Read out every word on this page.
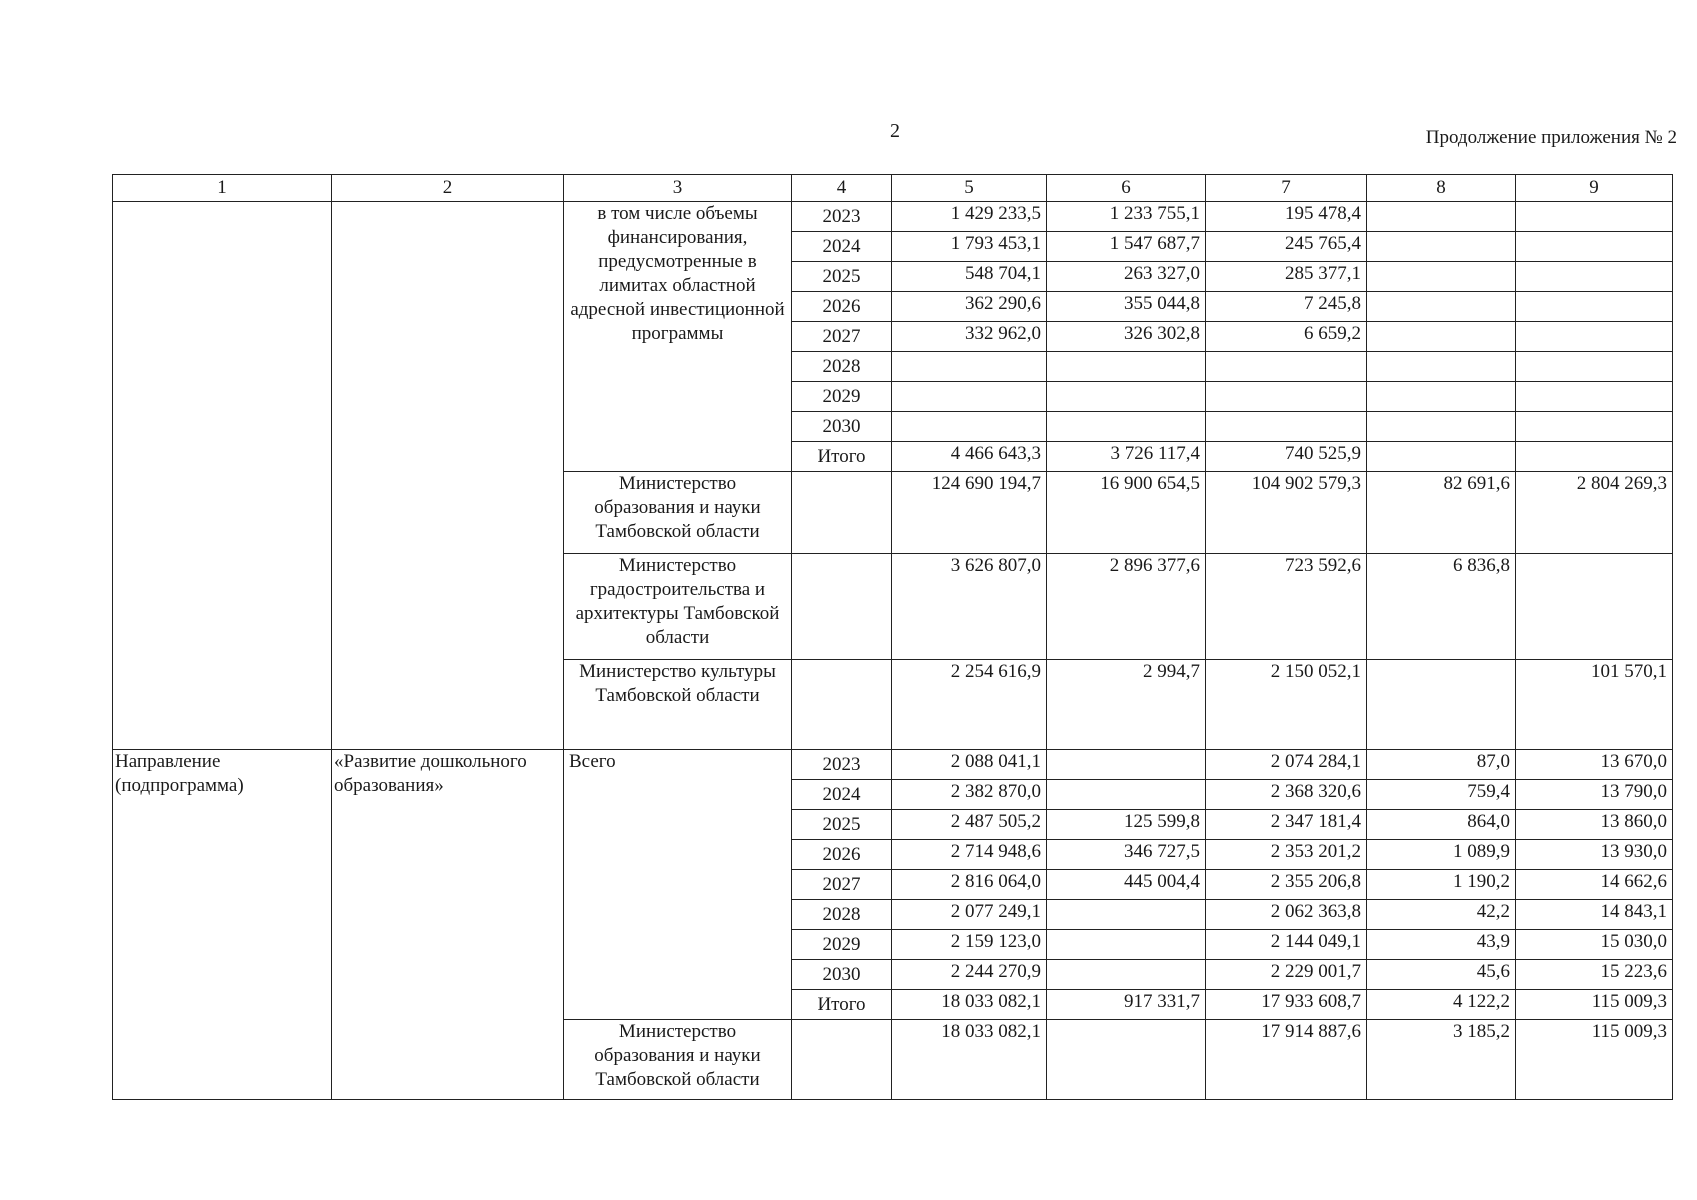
2	Продолжение приложения № 2
1	2	3	4	5	6	7	8	9
		в том числе объемы финансирования, предусмотренные в лимитах областной адресной инвестиционной программы	2023	1 429 233,5	1 233 755,1	195 478,4		
			2024	1 793 453,1	1 547 687,7	245 765,4		
			2025	548 704,1	263 327,0	285 377,1		
			2026	362 290,6	355 044,8	7 245,8		
			2027	332 962,0	326 302,8	6 659,2		
			2028					
			2029					
			2030					
			Итого	4 466 643,3	3 726 117,4	740 525,9		
		Министерство образования и науки Тамбовской области		124 690 194,7	16 900 654,5	104 902 579,3	82 691,6	2 804 269,3
		Министерство градостроительства и архитектуры Тамбовской области		3 626 807,0	2 896 377,6	723 592,6	6 836,8	
		Министерство культуры Тамбовской области		2 254 616,9	2 994,7	2 150 052,1		101 570,1
Направление (подпрограмма)	«Развитие дошкольного образования»	Всего	2023	2 088 041,1		2 074 284,1	87,0	13 670,0
			2024	2 382 870,0		2 368 320,6	759,4	13 790,0
			2025	2 487 505,2	125 599,8	2 347 181,4	864,0	13 860,0
			2026	2 714 948,6	346 727,5	2 353 201,2	1 089,9	13 930,0
			2027	2 816 064,0	445 004,4	2 355 206,8	1 190,2	14 662,6
			2028	2 077 249,1		2 062 363,8	42,2	14 843,1
			2029	2 159 123,0		2 144 049,1	43,9	15 030,0
			2030	2 244 270,9		2 229 001,7	45,6	15 223,6
			Итого	18 033 082,1	917 331,7	17 933 608,7	4 122,2	115 009,3
		Министерство образования и науки Тамбовской области		18 033 082,1		17 914 887,6	3 185,2	115 009,3
